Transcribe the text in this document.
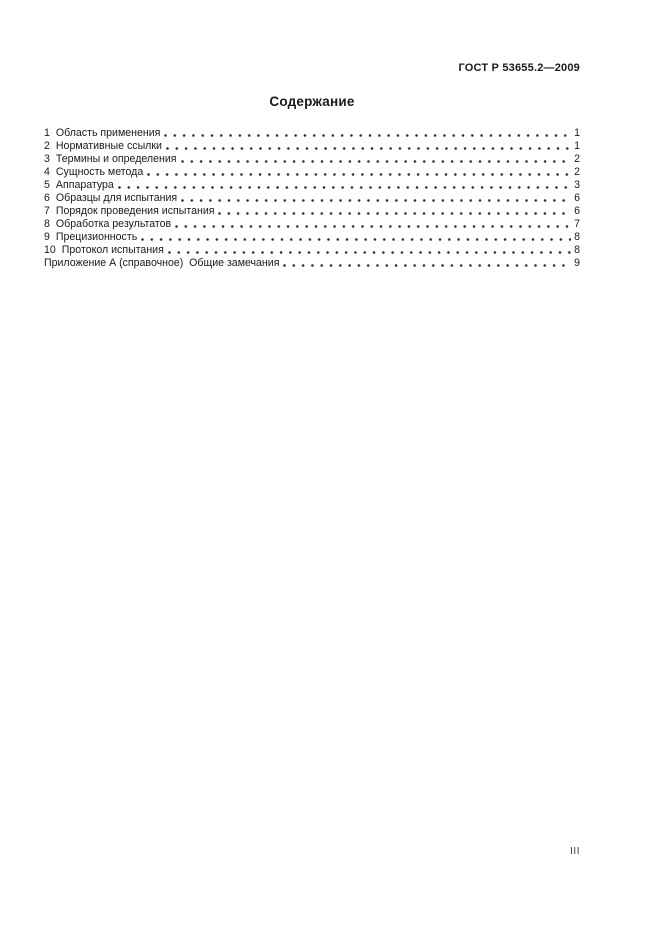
ГОСТ Р 53655.2—2009
Содержание
1 Область применения	1
2 Нормативные ссылки	1
3 Термины и определения	2
4 Сущность метода	2
5 Аппаратура	3
6 Образцы для испытания	6
7 Порядок проведения испытания	6
8 Обработка результатов	7
9 Прецизионность	8
10 Протокол испытания	8
Приложение А (справочное)  Общие замечания	9
III
